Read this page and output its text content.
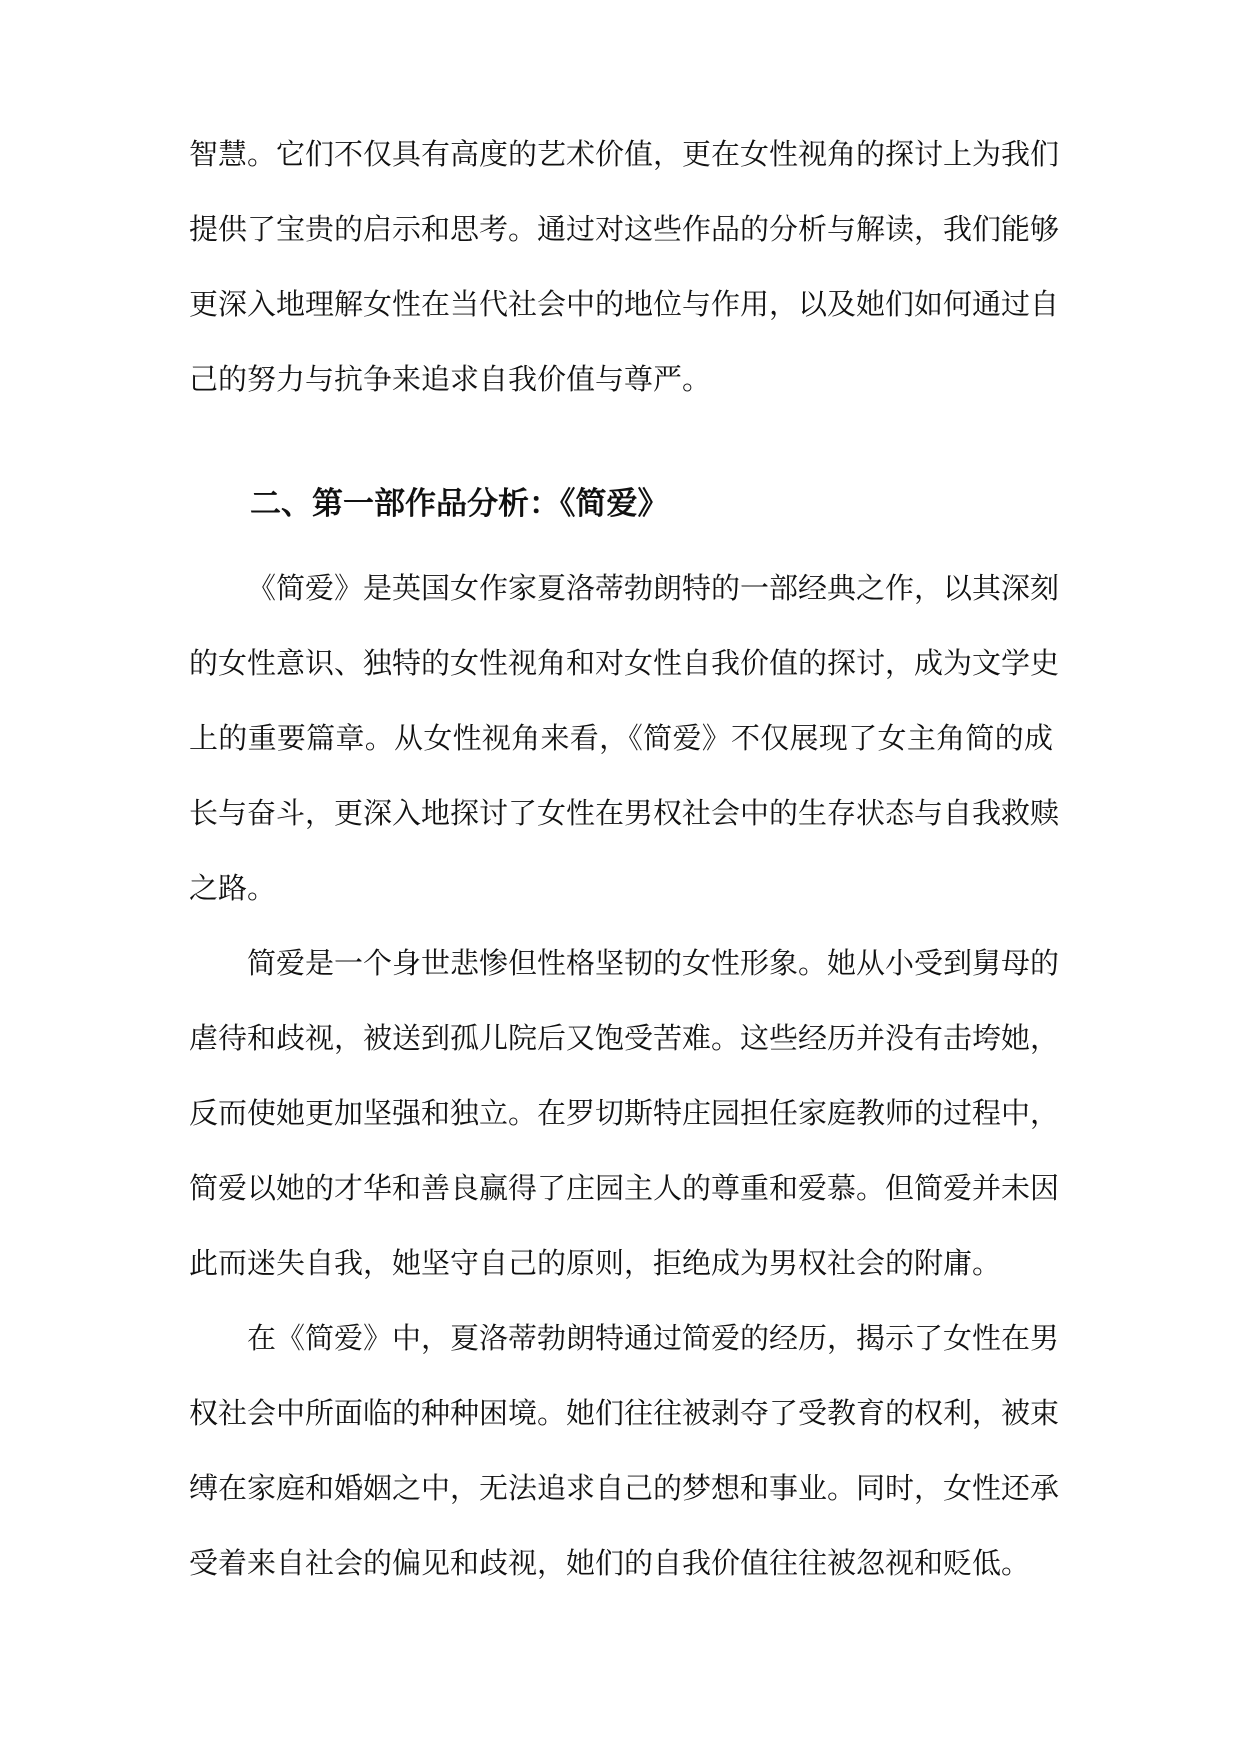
智慧。它们不仅具有高度的艺术价值，更在女性视角的探讨上为我们
提供了宝贵的启示和思考。通过对这些作品的分析与解读，我们能够
更深入地理解女性在当代社会中的地位与作用，以及她们如何通过自
己的努力与抗争来追求自我价值与尊严。
二、第一部作品分析：《简爱》
《简爱》是英国女作家夏洛蒂勃朗特的一部经典之作，以其深刻
的女性意识、独特的女性视角和对女性自我价值的探讨，成为文学史
上的重要篇章。从女性视角来看，《简爱》不仅展现了女主角简的成
长与奋斗，更深入地探讨了女性在男权社会中的生存状态与自我救赎
之路。
简爱是一个身世悲惨但性格坚韧的女性形象。她从小受到舅母的
虐待和歧视，被送到孤儿院后又饱受苦难。这些经历并没有击垮她，
反而使她更加坚强和独立。在罗切斯特庄园担任家庭教师的过程中，
简爱以她的才华和善良赢得了庄园主人的尊重和爱慕。但简爱并未因
此而迷失自我，她坚守自己的原则，拒绝成为男权社会的附庸。
在《简爱》中，夏洛蒂勃朗特通过简爱的经历，揭示了女性在男
权社会中所面临的种种困境。她们往往被剥夺了受教育的权利，被束
缚在家庭和婚姻之中，无法追求自己的梦想和事业。同时，女性还承
受着来自社会的偏见和歧视，她们的自我价值往往被忽视和贬低。
